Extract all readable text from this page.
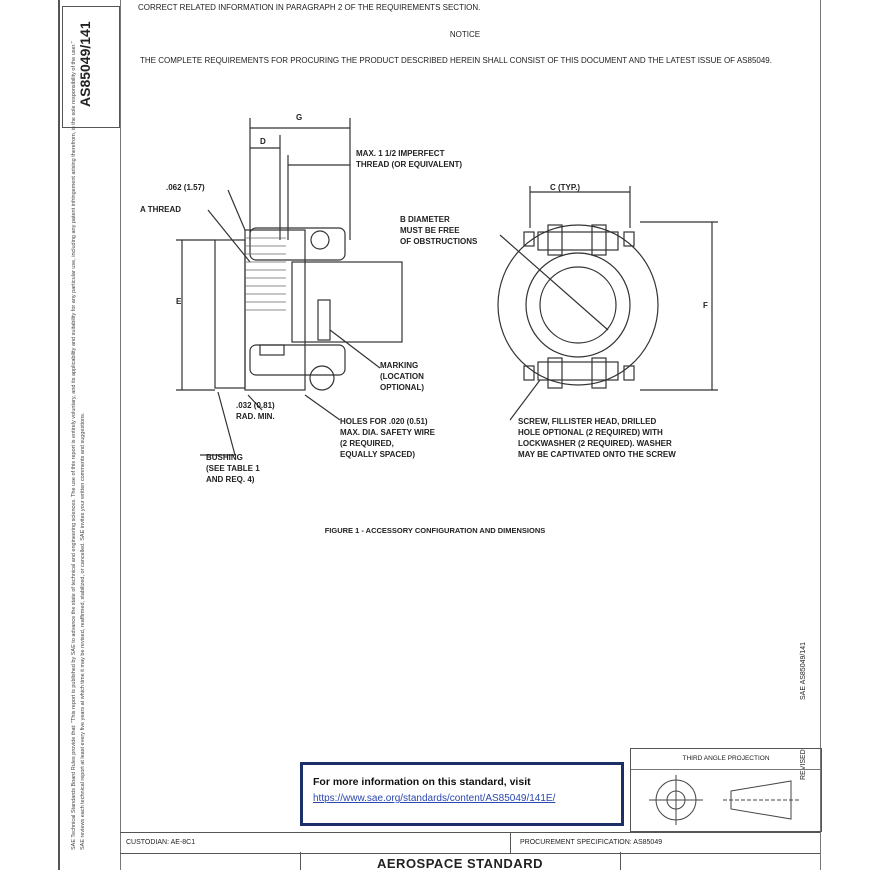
AS85049/141
SAE Technical Standards Board Rules provide that: "This report is published by SAE to advance the state of technical and engineering sciences. The use of this report is entirely voluntary, and its applicability and suitability for any particular use, including any patent infringement arising therefrom, is the sole responsibility of the user." SAE reviews each technical report at least every five years at which time it may be revised, reaffirmed, stabilized, or cancelled. SAE invites your written comments and suggestions.
CORRECT RELATED INFORMATION IN PARAGRAPH 2 OF THE REQUIREMENTS SECTION.
NOTICE
THE COMPLETE REQUIREMENTS FOR PROCURING THE PRODUCT DESCRIBED HEREIN SHALL CONSIST OF THIS DOCUMENT AND THE LATEST ISSUE OF AS85049.
G
D
MAX. 1 1/2 IMPERFECT
THREAD (OR EQUIVALENT)
.062 (1.57)
A THREAD
E
B DIAMETER
MUST BE FREE
OF OBSTRUCTIONS
C (TYP.)
F
MARKING
(LOCATION
OPTIONAL)
.032 (0.81)
RAD. MIN.
HOLES FOR .020 (0.51)
MAX. DIA. SAFETY WIRE
(2 REQUIRED,
EQUALLY SPACED)
SCREW, FILLISTER HEAD, DRILLED
HOLE OPTIONAL (2 REQUIRED) WITH
LOCKWASHER (2 REQUIRED). WASHER
MAY BE CAPTIVATED ONTO THE SCREW
BUSHING
(SEE TABLE 1
AND REQ. 4)
FIGURE 1 - ACCESSORY CONFIGURATION AND DIMENSIONS
SAE AS85049/141
REVISED
THIRD ANGLE PROJECTION
For more information on this standard, visit
https://www.sae.org/standards/content/AS85049/141E/
CUSTODIAN: AE-8C1	PROCUREMENT SPECIFICATION: AS85049
AEROSPACE STANDARD
